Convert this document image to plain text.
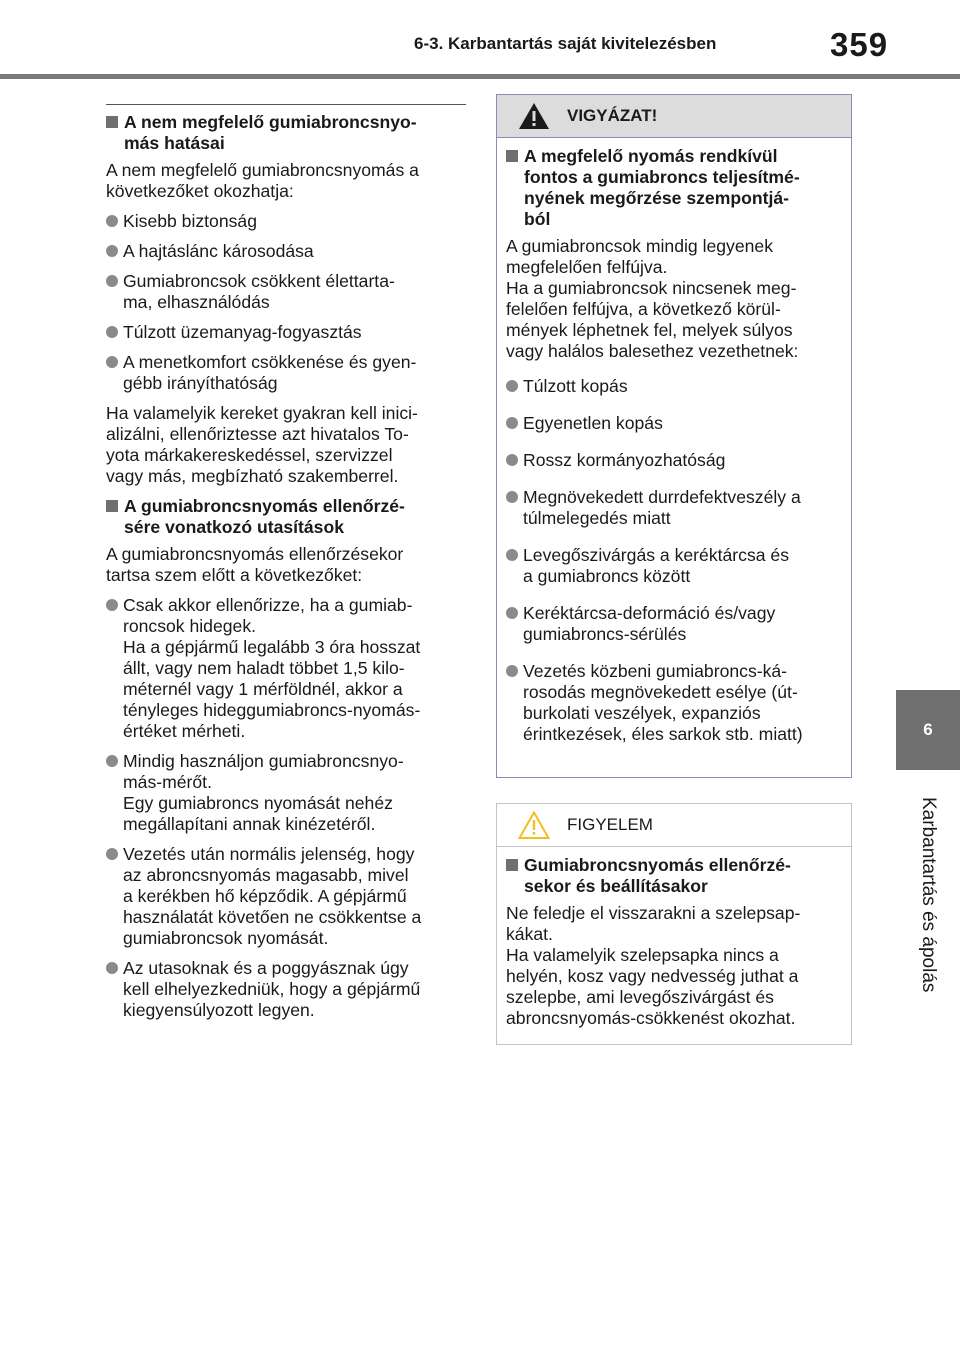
6-3. Karbantartás saját kivitelezésben	359
6
Karbantartás és ápolás
A nem megfelelő gumiabroncsnyo-
más hatásai
A nem megfelelő gumiabroncsnyomás a
következőket okozhatja:
Kisebb biztonság
A hajtáslánc károsodása
Gumiabroncsok csökkent élettarta-
ma, elhasználódás
Túlzott üzemanyag-fogyasztás
A menetkomfort csökkenése és gyen-
gébb irányíthatóság
Ha valamelyik kereket gyakran kell inici-
alizálni, ellenőriztesse azt hivatalos To-
yota márkakereskedéssel, szervizzel
vagy más, megbízható szakemberrel.
A gumiabroncsnyomás ellenőrzé-
sére vonatkozó utasítások
A gumiabroncsnyomás ellenőrzésekor
tartsa szem előtt a következőket:
Csak akkor ellenőrizze, ha a gumiab-
roncsok hidegek.
Ha a gépjármű legalább 3 óra hosszat
állt, vagy nem haladt többet 1,5 kilo-
méternél vagy 1 mérföldnél, akkor a
tényleges hideggumiabroncs-nyomás-
értéket mérheti.
Mindig használjon gumiabroncsnyo-
más-mérőt.
Egy gumiabroncs nyomását nehéz
megállapítani annak kinézetéről.
Vezetés után normális jelenség, hogy
az abroncsnyomás magasabb, mivel
a kerékben hő képződik. A gépjármű
használatát követően ne csökkentse a
gumiabroncsok nyomását.
Az utasoknak és a poggyásznak úgy
kell elhelyezkedniük, hogy a gépjármű
kiegyensúlyozott legyen.
VIGYÁZAT!
A megfelelő nyomás rendkívül
fontos a gumiabroncs teljesítmé-
nyének megőrzése szempontjá-
ból
A gumiabroncsok mindig legyenek
megfelelően felfújva.
Ha a gumiabroncsok nincsenek meg-
felelően felfújva, a következő körül-
mények léphetnek fel, melyek súlyos
vagy halálos balesethez vezethetnek:
Túlzott kopás
Egyenetlen kopás
Rossz kormányozhatóság
Megnövekedett durrdefektveszély a
túlmelegedés miatt
Levegőszivárgás a keréktárcsa és
a gumiabroncs között
Keréktárcsa-deformáció és/vagy
gumiabroncs-sérülés
Vezetés közbeni gumiabroncs-ká-
rosodás megnövekedett esélye (út-
burkolati veszélyek, expanziós
érintkezések, éles sarkok stb. miatt)
FIGYELEM
Gumiabroncsnyomás ellenőrzé-
sekor és beállításakor
Ne feledje el visszarakni a szelepsap-
kákat.
Ha valamelyik szelepsapka nincs a
helyén, kosz vagy nedvesség juthat a
szelepbe, ami levegőszivárgást és
abroncsnyomás-csökkenést okozhat.
